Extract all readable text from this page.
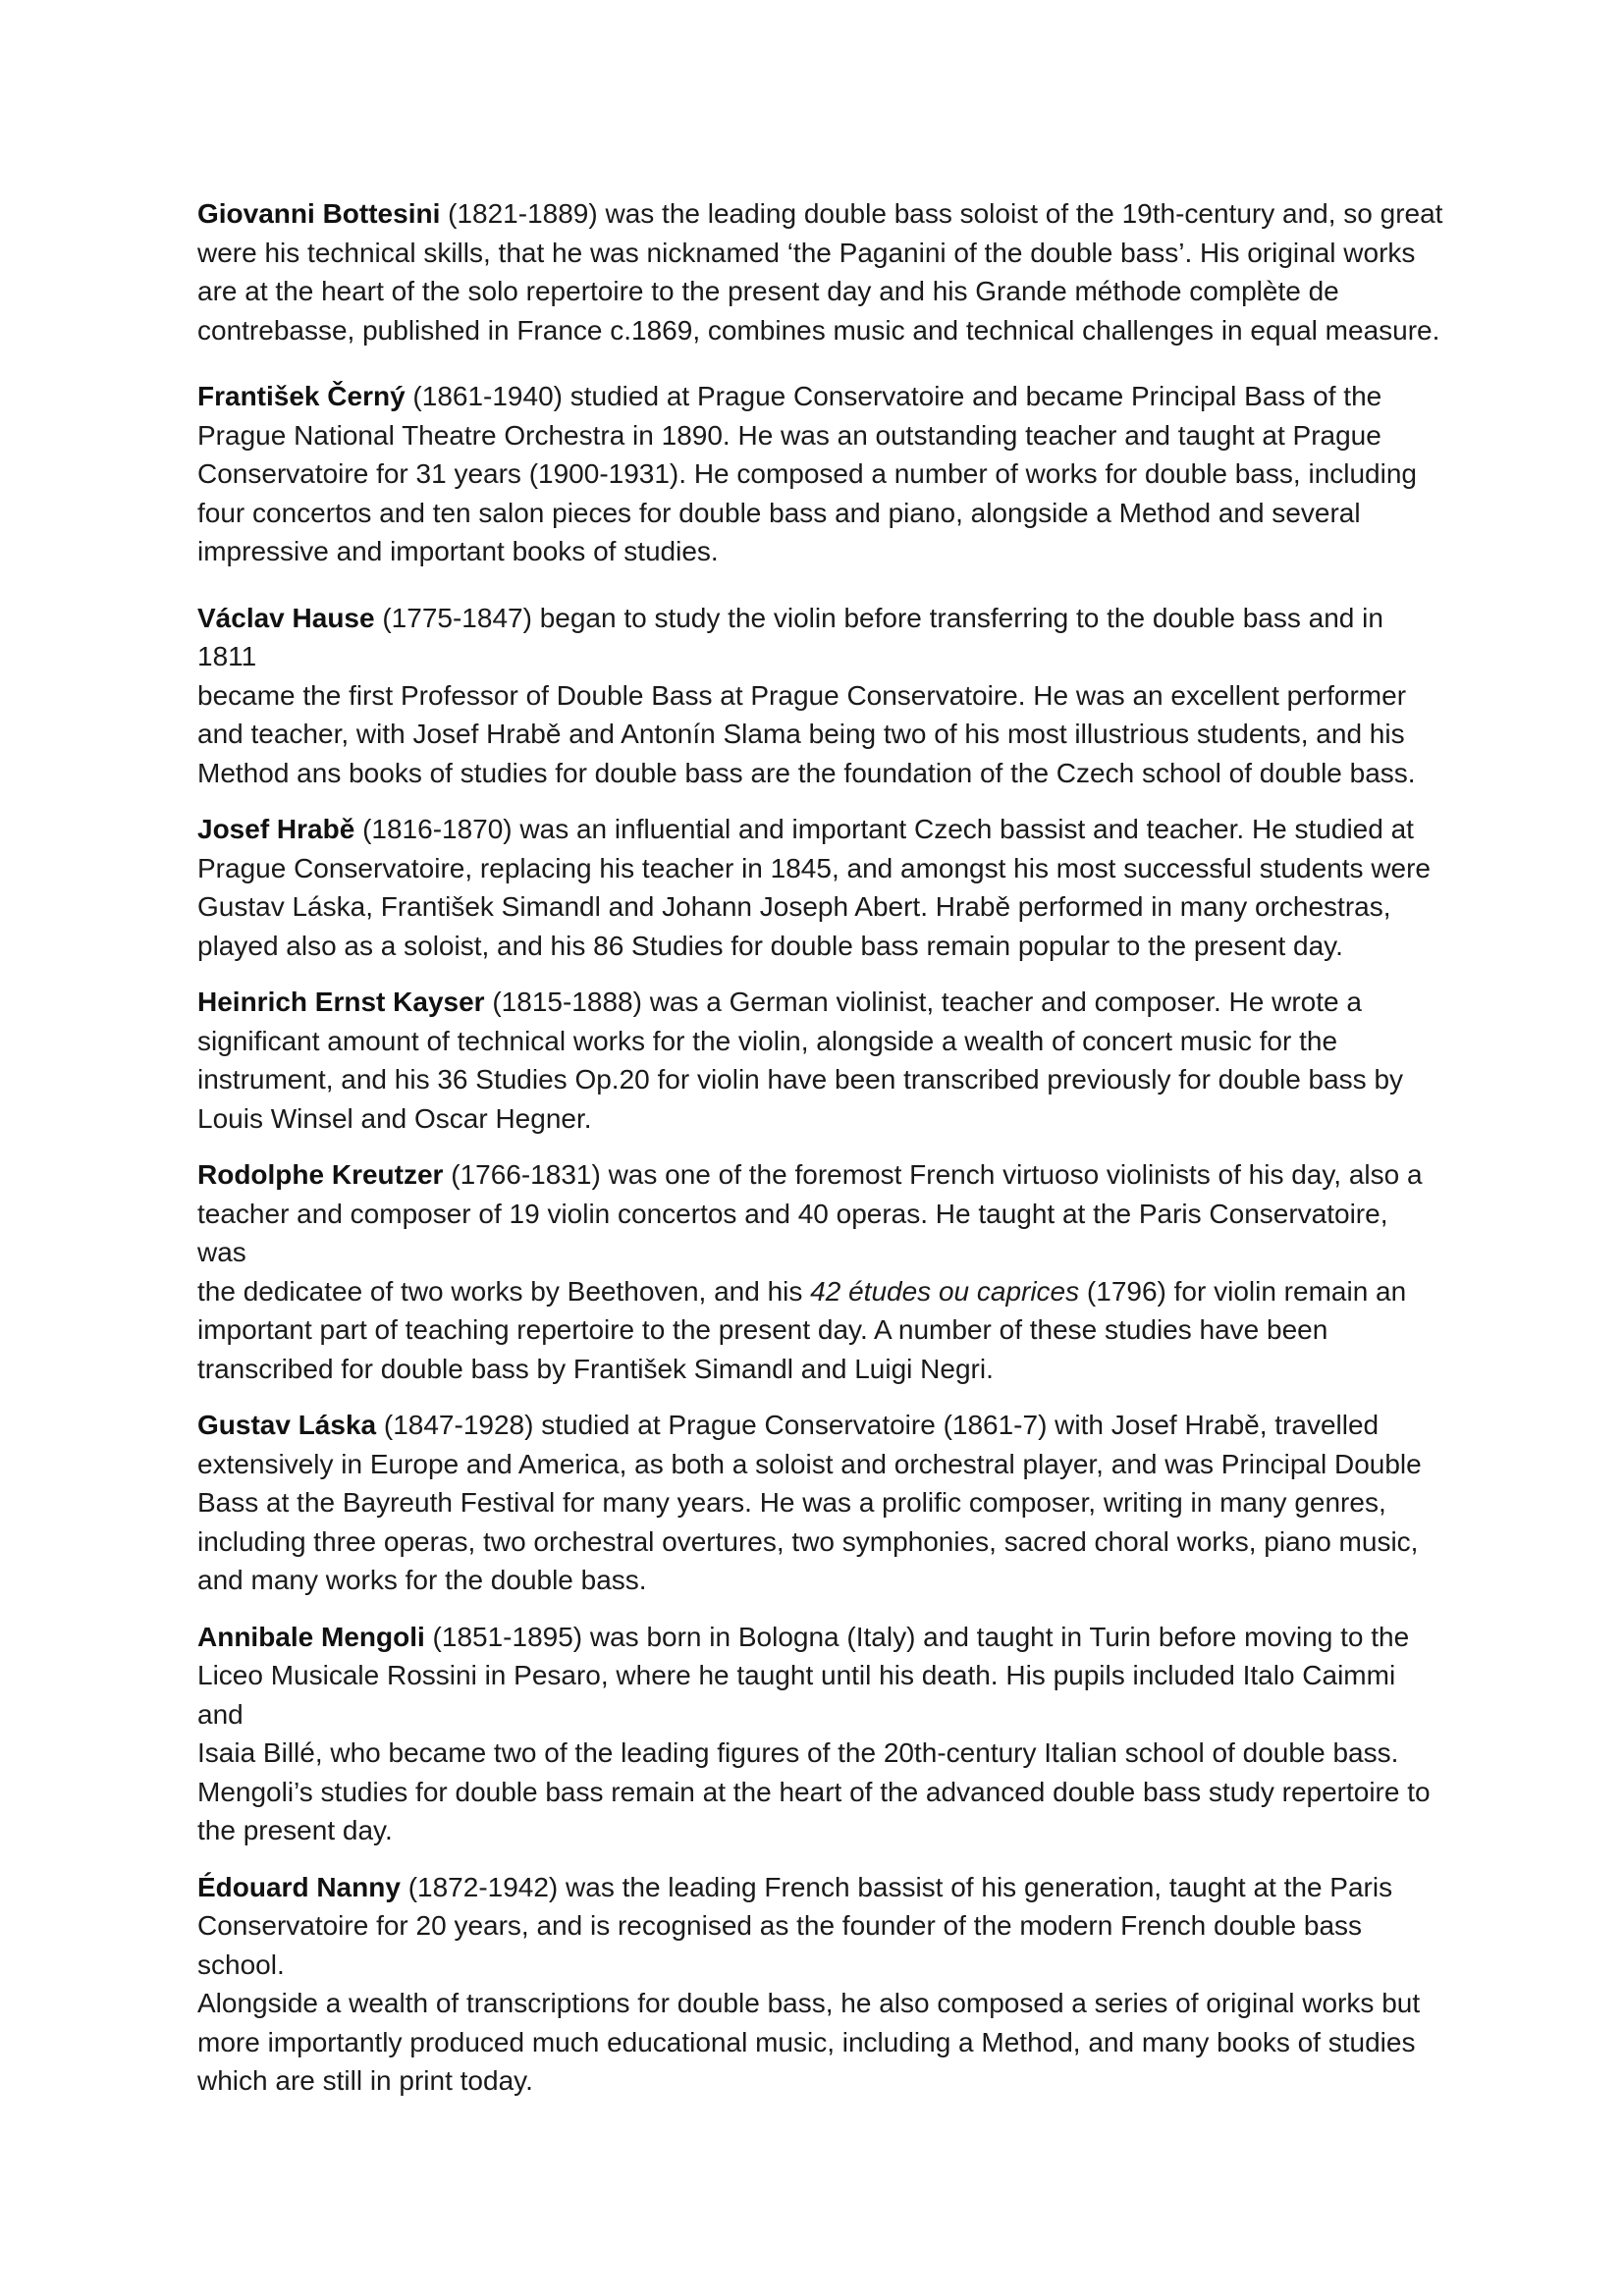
Giovanni Bottesini (1821-1889) was the leading double bass soloist of the 19th-century and, so great
were his technical skills, that he was nicknamed ‘the Paganini of the double bass’. His original works
are at the heart of the solo repertoire to the present day and his Grande méthode complète de
contrebasse, published in France c.1869, combines music and technical challenges in equal measure.

František Černý (1861-1940) studied at Prague Conservatoire and became Principal Bass of the
Prague National Theatre Orchestra in 1890. He was an outstanding teacher and taught at Prague
Conservatoire for 31 years (1900-1931). He composed a number of works for double bass, including
four concertos and ten salon pieces for double bass and piano, alongside a Method and several
impressive and important books of studies.

Václav Hause (1775-1847) began to study the violin before transferring to the double bass and in 1811
became the first Professor of Double Bass at Prague Conservatoire. He was an excellent performer
and teacher, with Josef Hrabě and Antonín Slama being two of his most illustrious students, and his
Method ans books of studies for double bass are the foundation of the Czech school of double bass.

Josef Hrabě (1816-1870) was an influential and important Czech bassist and teacher. He studied at
Prague Conservatoire, replacing his teacher in 1845, and amongst his most successful students were
Gustav Láska, František Simandl and Johann Joseph Abert. Hrabě performed in many orchestras,
played also as a soloist, and his 86 Studies for double bass remain popular to the present day.

Heinrich Ernst Kayser (1815-1888) was a German violinist, teacher and composer. He wrote a
significant amount of technical works for the violin, alongside a wealth of concert music for the
instrument, and his 36 Studies Op.20 for violin have been transcribed previously for double bass by
Louis Winsel and Oscar Hegner.

Rodolphe Kreutzer (1766-1831) was one of the foremost French virtuoso violinists of his day, also a
teacher and composer of 19 violin concertos and 40 operas. He taught at the Paris Conservatoire, was
the dedicatee of two works by Beethoven, and his 42 études ou caprices (1796) for violin remain an
important part of teaching repertoire to the present day. A number of these studies have been
transcribed for double bass by František Simandl and Luigi Negri.

Gustav Láska (1847-1928) studied at Prague Conservatoire (1861-7) with Josef Hrabě, travelled
extensively in Europe and America, as both a soloist and orchestral player, and was Principal Double
Bass at the Bayreuth Festival for many years. He was a prolific composer, writing in many genres,
including three operas, two orchestral overtures, two symphonies, sacred choral works, piano music,
and many works for the double bass.

Annibale Mengoli (1851-1895) was born in Bologna (Italy) and taught in Turin before moving to the
Liceo Musicale Rossini in Pesaro, where he taught until his death. His pupils included Italo Caimmi and
Isaia Billé, who became two of the leading figures of the 20th-century Italian school of double bass.
Mengoli’s studies for double bass remain at the heart of the advanced double bass study repertoire to
the present day.

Édouard Nanny (1872-1942) was the leading French bassist of his generation, taught at the Paris
Conservatoire for 20 years, and is recognised as the founder of the modern French double bass school.
Alongside a wealth of transcriptions for double bass, he also composed a series of original works but
more importantly produced much educational music, including a Method, and many books of studies
which are still in print today.
